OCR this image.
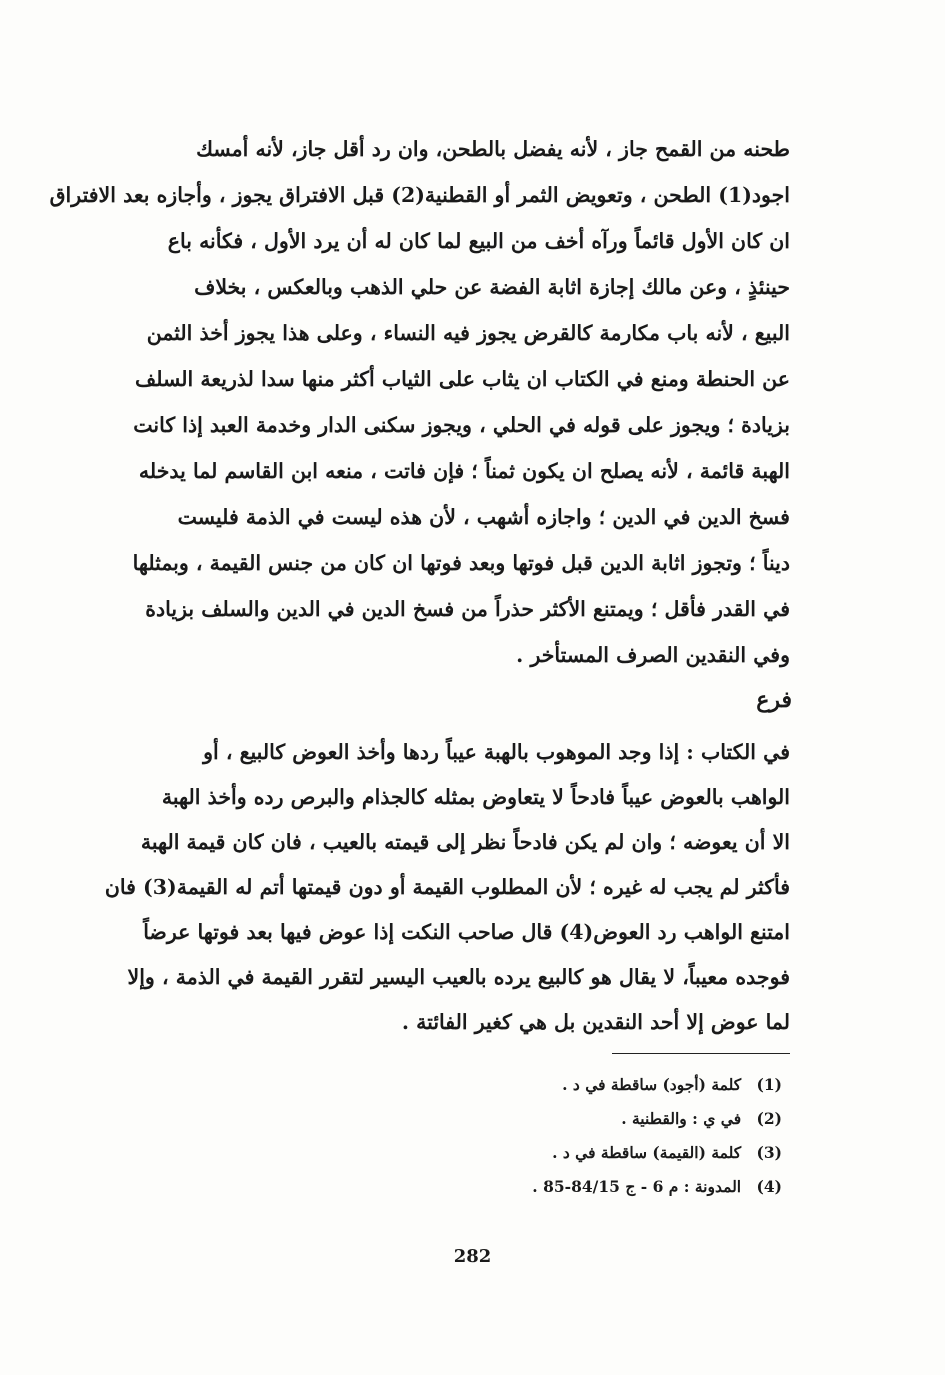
طحنه من القمح جاز ، لأنه يفضل بالطحن، وان رد أقل جاز، لأنه أمسك
اجود(1) الطحن ، وتعويض الثمر أو القطنية(2) قبل الافتراق يجوز ، وأجازه بعد الافتراق
ان كان الأول قائماً ورآه أخف من البيع لما كان له أن يرد الأول ، فكأنه باع
حينئذٍ ، وعن مالك إجازة اثابة الفضة عن حلي الذهب وبالعكس ، بخلاف
البيع ، لأنه باب مكارمة كالقرض يجوز فيه النساء ، وعلى هذا يجوز أخذ الثمن
عن الحنطة ومنع في الكتاب ان يثاب على الثياب أكثر منها سدا لذريعة السلف
بزيادة ؛ ويجوز على قوله في الحلي ، ويجوز سكنى الدار وخدمة العبد إذا كانت
الهبة قائمة ، لأنه يصلح ان يكون ثمناً ؛ فإن فاتت ، منعه ابن القاسم لما يدخله
فسخ الدين في الدين ؛ واجازه أشهب ، لأن هذه ليست في الذمة فليست
ديناً ؛ وتجوز اثابة الدين قبل فوتها وبعد فوتها ان كان من جنس القيمة ، وبمثلها
في القدر فأقل ؛ ويمتنع الأكثر حذراً من فسخ الدين في الدين والسلف بزيادة
وفي النقدين الصرف المستأخر .
فرع
في الكتاب : إذا وجد الموهوب بالهبة عيباً ردها وأخذ العوض كالبيع ، أو
الواهب بالعوض عيباً فادحاً لا يتعاوض بمثله كالجذام والبرص رده وأخذ الهبة
الا أن يعوضه ؛ وان لم يكن فادحاً نظر إلى قيمته بالعيب ، فان كان قيمة الهبة
فأكثر لم يجب له غيره ؛ لأن المطلوب القيمة أو دون قيمتها أتم له القيمة(3) فان
امتنع الواهب رد العوض(4) قال صاحب النكت إذا عوض فيها بعد فوتها عرضاً
فوجده معيباً، لا يقال هو كالبيع يرده بالعيب اليسير لتقرر القيمة في الذمة ، وإلا
لما عوض إلا أحد النقدين بل هي كغير الفائتة .
(1) كلمة (أجود) ساقطة في د .
(2) في ي : والقطنية .
(3) كلمة (القيمة) ساقطة في د .
(4) المدونة : م 6 - ج 84/15-85 .
282
